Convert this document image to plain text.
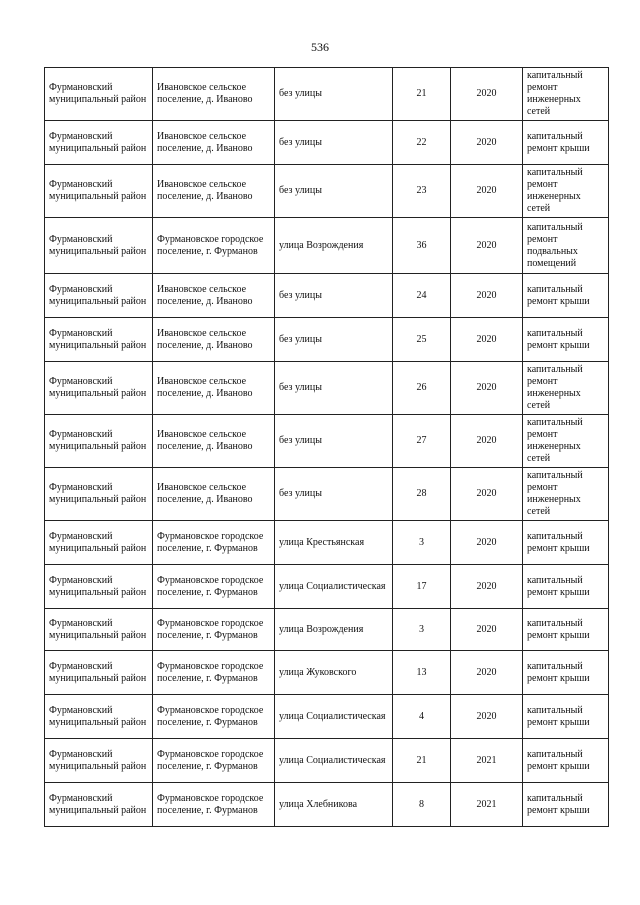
536
Фурмановский муниципальный район	Ивановское сельское поселение, д. Иваново	без улицы	21	2020	капитальный ремонт инженерных сетей
Фурмановский муниципальный район	Ивановское сельское поселение, д. Иваново	без улицы	22	2020	капитальный ремонт крыши
Фурмановский муниципальный район	Ивановское сельское поселение, д. Иваново	без улицы	23	2020	капитальный ремонт инженерных сетей
Фурмановский муниципальный район	Фурмановское городское поселение, г. Фурманов	улица Возрождения	36	2020	капитальный ремонт подвальных помещений
Фурмановский муниципальный район	Ивановское сельское поселение, д. Иваново	без улицы	24	2020	капитальный ремонт крыши
Фурмановский муниципальный район	Ивановское сельское поселение, д. Иваново	без улицы	25	2020	капитальный ремонт крыши
Фурмановский муниципальный район	Ивановское сельское поселение, д. Иваново	без улицы	26	2020	капитальный ремонт инженерных сетей
Фурмановский муниципальный район	Ивановское сельское поселение, д. Иваново	без улицы	27	2020	капитальный ремонт инженерных сетей
Фурмановский муниципальный район	Ивановское сельское поселение, д. Иваново	без улицы	28	2020	капитальный ремонт инженерных сетей
Фурмановский муниципальный район	Фурмановское городское поселение, г. Фурманов	улица Крестьянская	3	2020	капитальный ремонт крыши
Фурмановский муниципальный район	Фурмановское городское поселение, г. Фурманов	улица Социалистическая	17	2020	капитальный ремонт крыши
Фурмановский муниципальный район	Фурмановское городское поселение, г. Фурманов	улица Возрождения	3	2020	капитальный ремонт крыши
Фурмановский муниципальный район	Фурмановское городское поселение, г. Фурманов	улица Жуковского	13	2020	капитальный ремонт крыши
Фурмановский муниципальный район	Фурмановское городское поселение, г. Фурманов	улица Социалистическая	4	2020	капитальный ремонт крыши
Фурмановский муниципальный район	Фурмановское городское поселение, г. Фурманов	улица Социалистическая	21	2021	капитальный ремонт крыши
Фурмановский муниципальный район	Фурмановское городское поселение, г. Фурманов	улица Хлебникова	8	2021	капитальный ремонт крыши
